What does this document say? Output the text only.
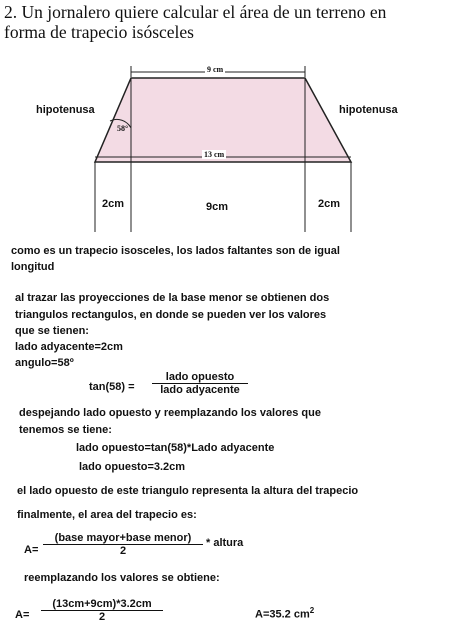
2. Un jornalero quiere calcular el área de un terreno en
forma de trapecio isósceles
9 cm
13 cm
hipotenusa	hipotenusa
58°
2cm	9cm	2cm
como es un trapecio isosceles, los lados faltantes son de igual
longitud
al trazar las proyecciones de la base menor se obtienen dos
triangulos rectangulos, en donde se pueden ver los valores
que se tienen:
lado adyacente=2cm
angulo=58º
tan(58) =
lado opuesto
lado adyacente
despejando lado opuesto y reemplazando los valores que
tenemos se tiene:
lado opuesto=tan(58)*Lado adyacente
lado opuesto=3.2cm
el lado opuesto de este triangulo representa la altura del trapecio
finalmente, el area del trapecio es:
A=
(base mayor+base menor)
2
* altura
reemplazando los valores se obtiene:
A=
(13cm+9cm)*3.2cm
2	A=35.2 $cm^2$
